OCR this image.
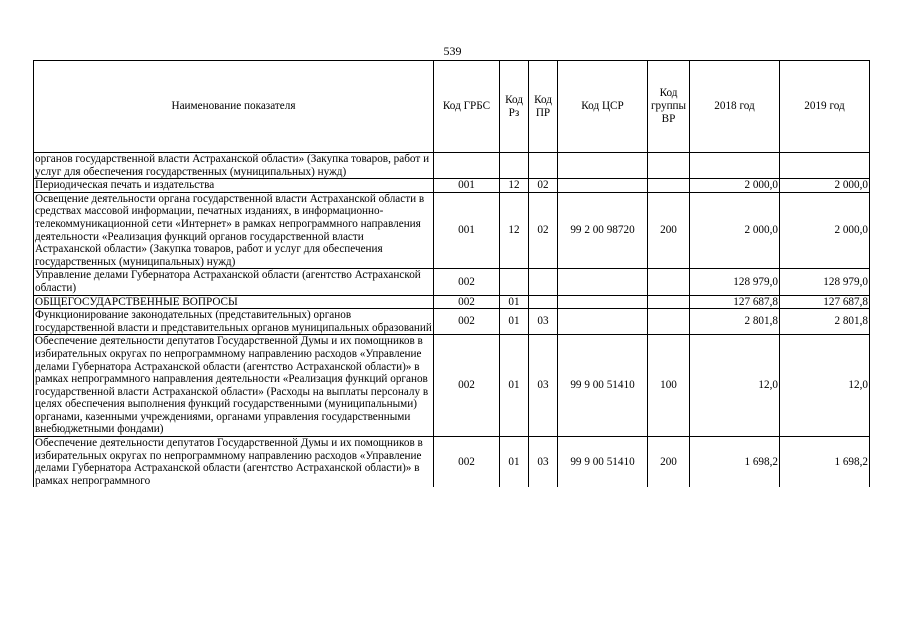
539
Наименование показателя	Код ГРБС	Код Рз	Код ПР	Код ЦСР	Код группы ВР	2018 год	2019 год
органов государственной власти Астраханской области» (Закупка товаров, работ и услуг для обеспечения государственных (муниципальных) нужд)							
Периодическая печать и издательства	001	12	02			2 000,0	2 000,0
Освещение деятельности органа государственной власти Астраханской области в средствах массовой информации, печатных изданиях, в информационно-телекоммуникационной сети «Интернет» в рамках непрограммного направления деятельности «Реализация функций органов государственной власти Астраханской области» (Закупка товаров, работ и услуг для обеспечения государственных (муниципальных) нужд)	001	12	02	99 2 00 98720	200	2 000,0	2 000,0
Управление делами Губернатора Астраханской области (агентство Астраханской области)	002					128 979,0	128 979,0
ОБЩЕГОСУДАРСТВЕННЫЕ ВОПРОСЫ	002	01				127 687,8	127 687,8
Функционирование законодательных (представительных) органов государственной власти и представительных органов муниципальных образований	002	01	03			2 801,8	2 801,8
Обеспечение деятельности депутатов Государственной Думы и их помощников в избирательных округах по непрограммному направлению расходов «Управление делами Губернатора Астраханской области (агентство Астраханской области)» в рамках непрограммного направления деятельности «Реализация функций органов государственной власти Астраханской области» (Расходы на выплаты персоналу в целях обеспечения выполнения функций государственными (муниципальными) органами, казенными учреждениями, органами управления государственными внебюджетными фондами)	002	01	03	99 9 00 51410	100	12,0	12,0
Обеспечение деятельности депутатов Государственной Думы и их помощников в избирательных округах по непрограммному направлению расходов «Управление делами Губернатора Астраханской области (агентство Астраханской области)» в рамках непрограммного	002	01	03	99 9 00 51410	200	1 698,2	1 698,2
